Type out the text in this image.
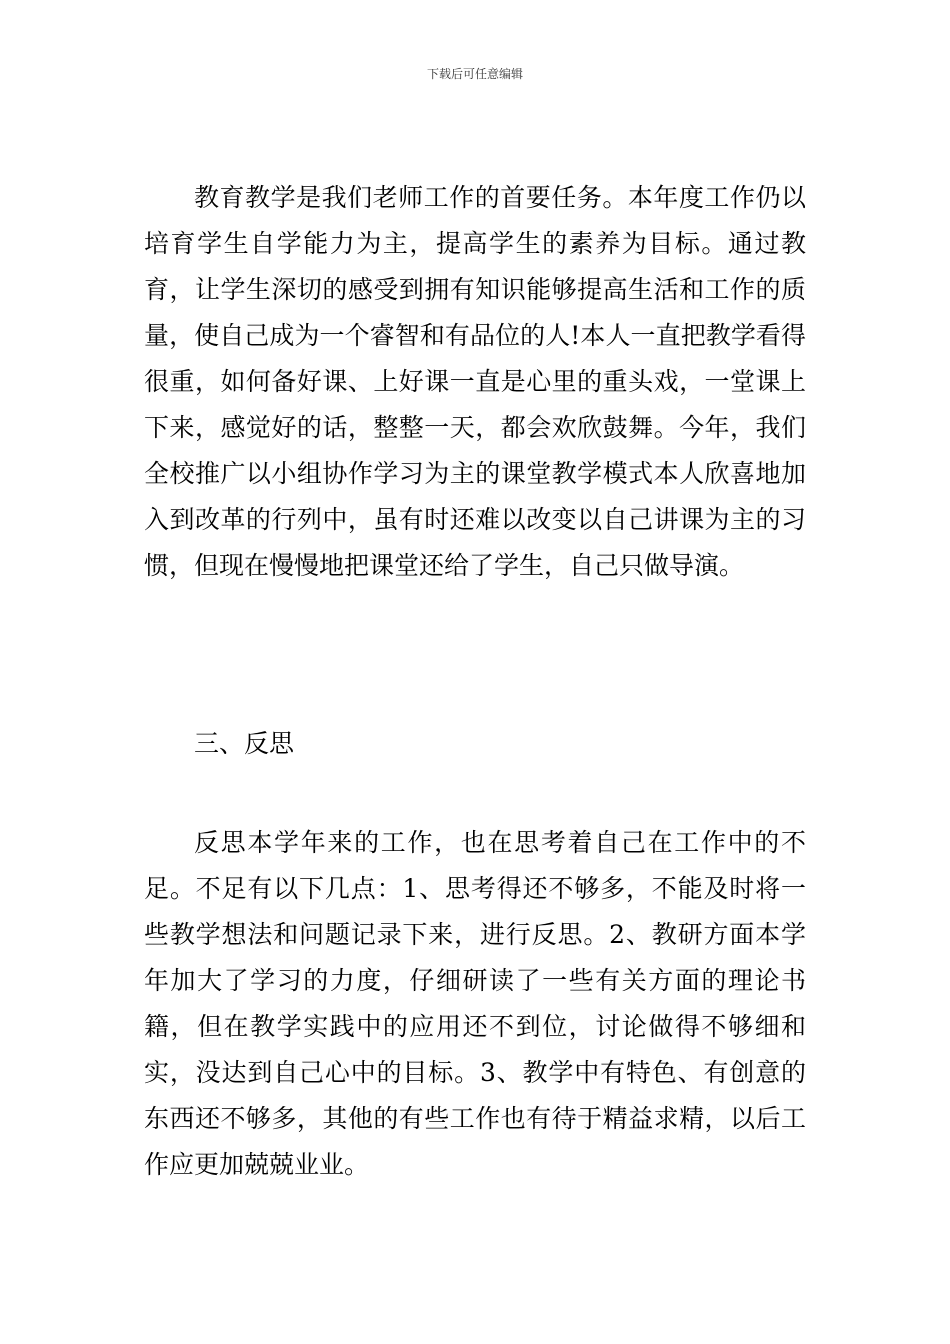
下载后可任意编辑

教育教学是我们老师工作的首要任务。本年度工作仍以培育学生自学能力为主，提高学生的素养为目标。通过教育，让学生深切的感受到拥有知识能够提高生活和工作的质量，使自己成为一个睿智和有品位的人!本人一直把教学看得很重，如何备好课、上好课一直是心里的重头戏，一堂课上下来，感觉好的话，整整一天，都会欢欣鼓舞。今年，我们全校推广以小组协作学习为主的课堂教学模式本人欣喜地加入到改革的行列中，虽有时还难以改变以自己讲课为主的习惯，但现在慢慢地把课堂还给了学生，自己只做导演。

三、反思

反思本学年来的工作，也在思考着自己在工作中的不足。不足有以下几点：1、思考得还不够多，不能及时将一些教学想法和问题记录下来，进行反思。2、教研方面本学年加大了学习的力度，仔细研读了一些有关方面的理论书籍，但在教学实践中的应用还不到位，讨论做得不够细和实，没达到自己心中的目标。3、教学中有特色、有创意的东西还不够多，其他的有些工作也有待于精益求精，以后工作应更加兢兢业业。
